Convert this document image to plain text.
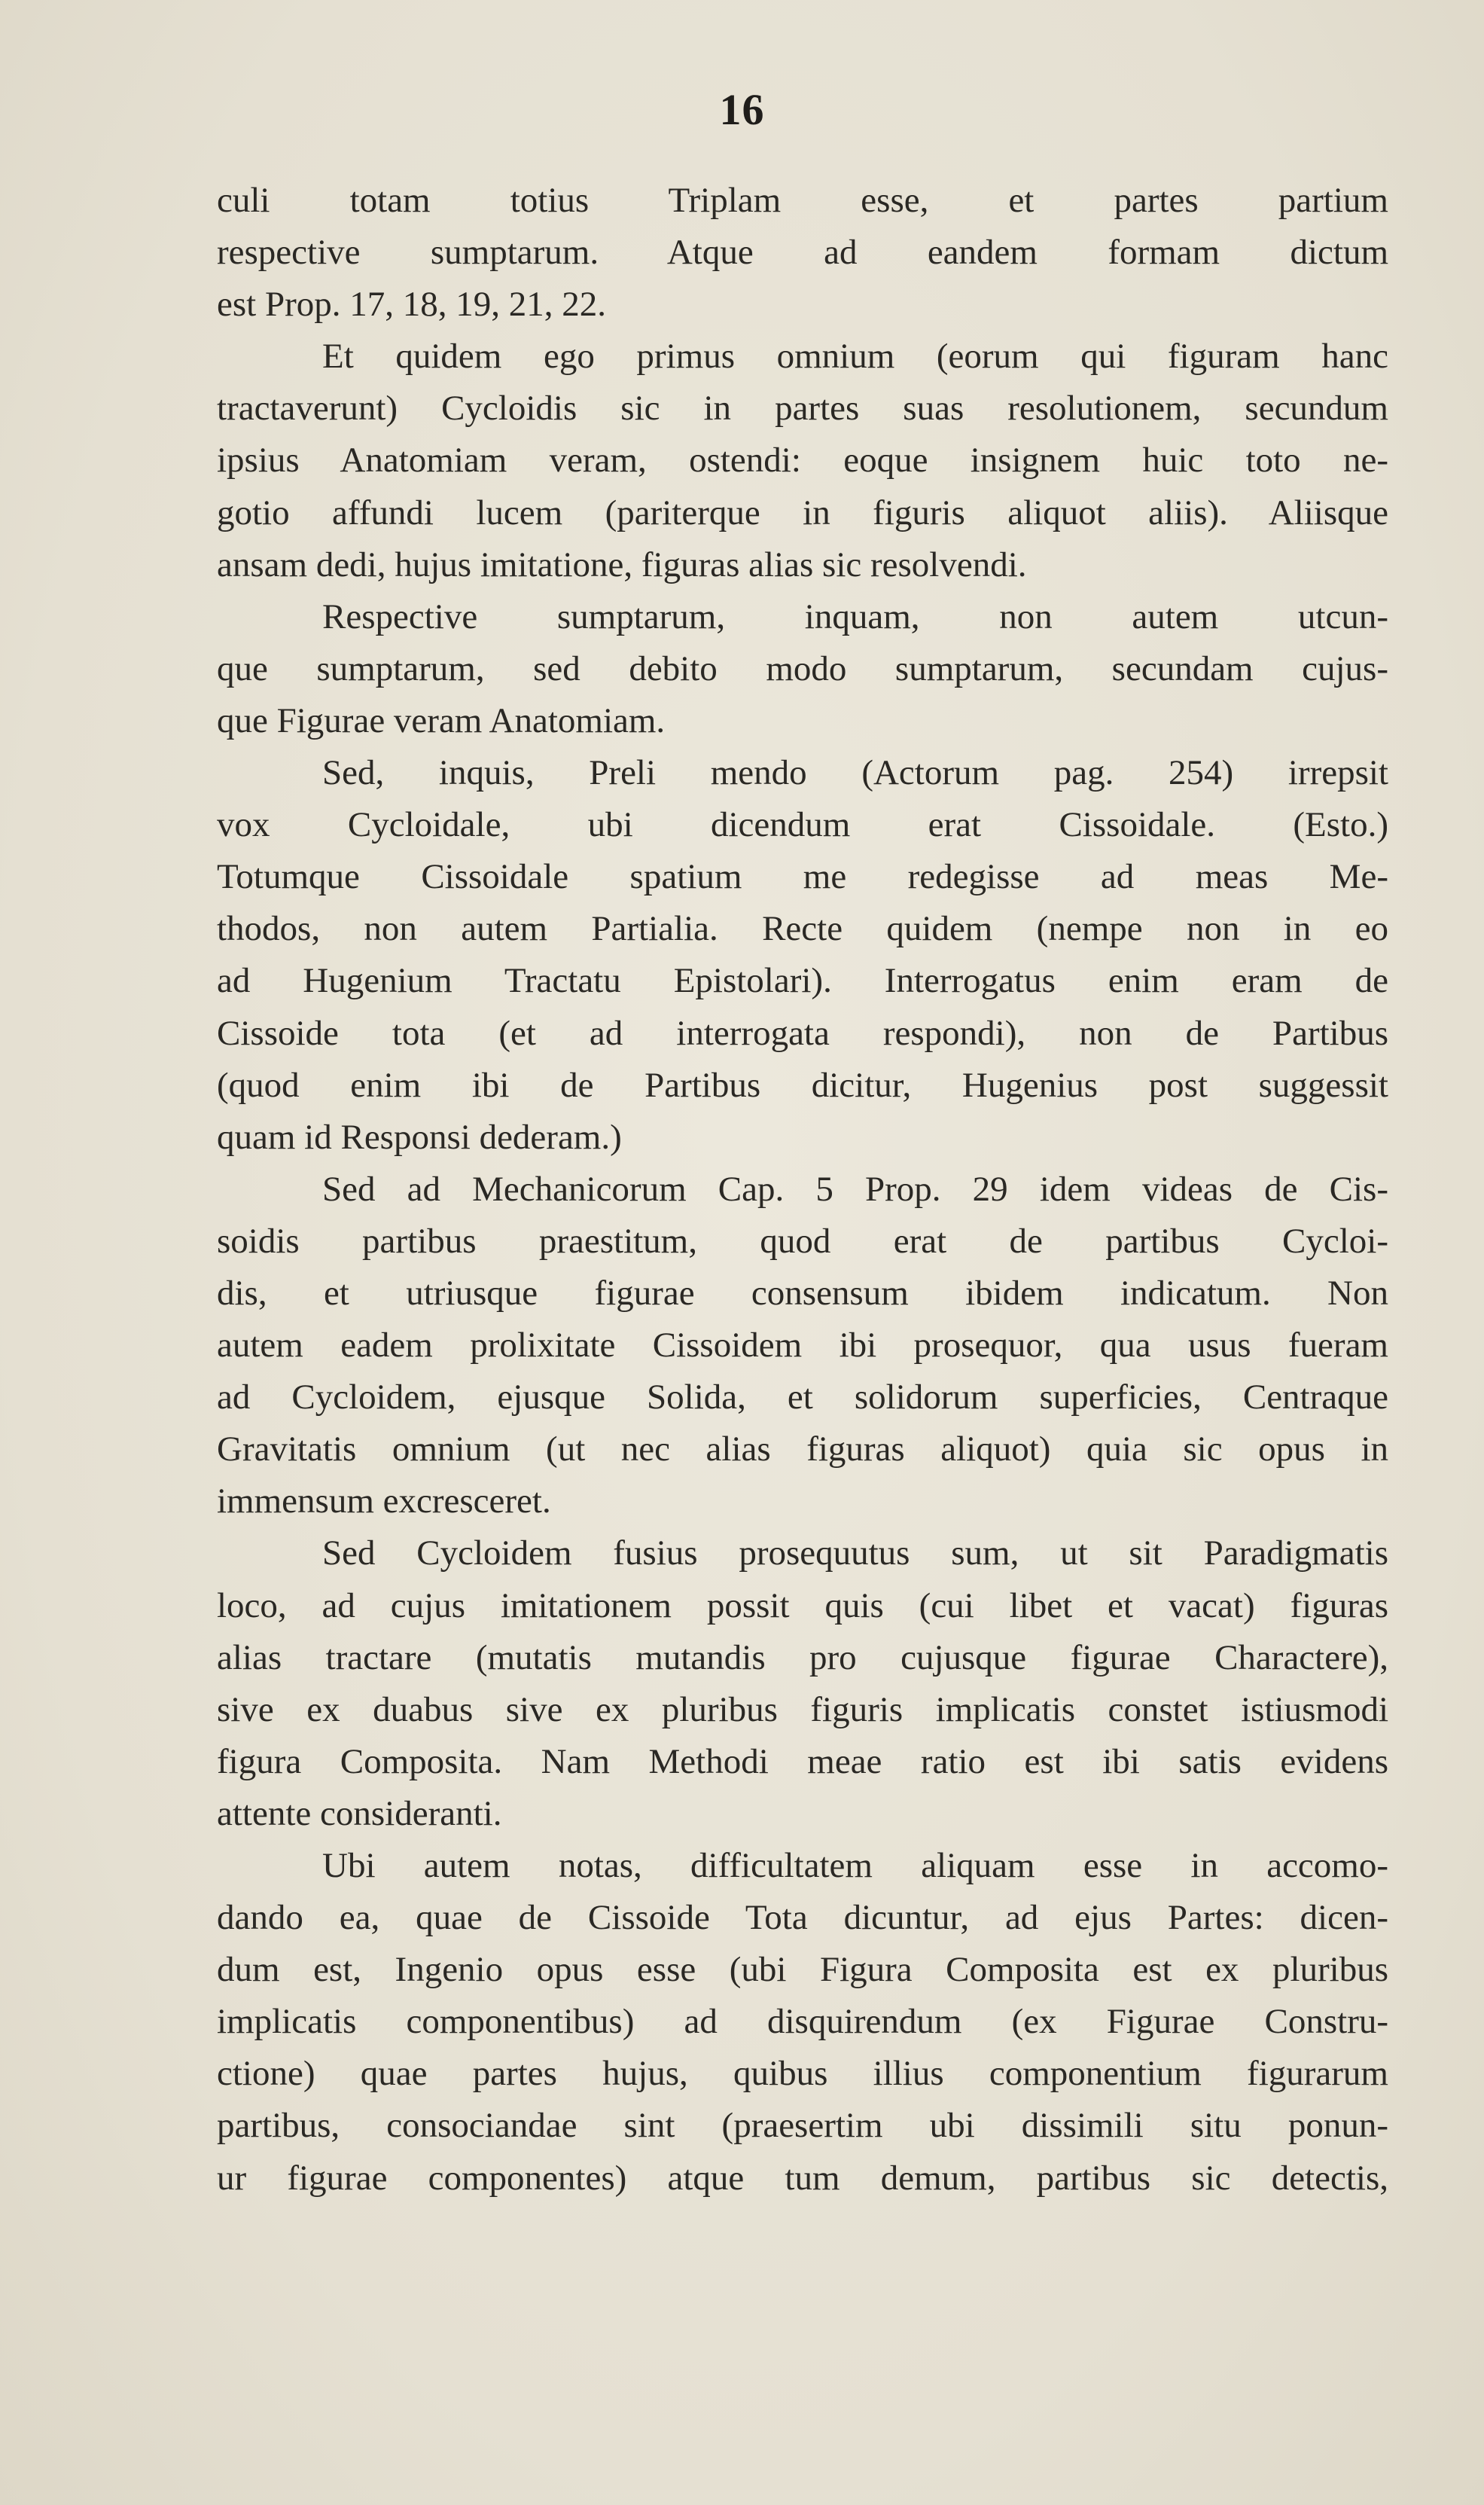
16
culi totam totius Triplam esse, et partes partium
respective sumptarum. Atque ad eandem formam dictum
est Prop. 17, 18, 19, 21, 22.
Et quidem ego primus omnium (eorum qui figuram hanc
tractaverunt) Cycloidis sic in partes suas resolutionem, secundum
ipsius Anatomiam veram, ostendi: eoque insignem huic toto ne-
gotio affundi lucem (pariterque in figuris aliquot aliis). Aliisque
ansam dedi, hujus imitatione, figuras alias sic resolvendi.
Respective sumptarum, inquam, non autem utcun-
que sumptarum, sed debito modo sumptarum, secundam cujus-
que Figurae veram Anatomiam.
Sed, inquis, Preli mendo (Actorum pag. 254) irrepsit
vox Cycloidale, ubi dicendum erat Cissoidale. (Esto.)
Totumque Cissoidale spatium me redegisse ad meas Me-
thodos, non autem Partialia. Recte quidem (nempe non in eo
ad Hugenium Tractatu Epistolari). Interrogatus enim eram de
Cissoide tota (et ad interrogata respondi), non de Partibus
(quod enim ibi de Partibus dicitur, Hugenius post suggessit
quam id Responsi dederam.)
Sed ad Mechanicorum Cap. 5 Prop. 29 idem videas de Cis-
soidis partibus praestitum, quod erat de partibus Cycloi-
dis, et utriusque figurae consensum ibidem indicatum. Non
autem eadem prolixitate Cissoidem ibi prosequor, qua usus fueram
ad Cycloidem, ejusque Solida, et solidorum superficies, Centraque
Gravitatis omnium (ut nec alias figuras aliquot) quia sic opus in
immensum excresceret.
Sed Cycloidem fusius prosequutus sum, ut sit Paradigmatis
loco, ad cujus imitationem possit quis (cui libet et vacat) figuras
alias tractare (mutatis mutandis pro cujusque figurae Charactere),
sive ex duabus sive ex pluribus figuris implicatis constet istiusmodi
figura Composita. Nam Methodi meae ratio est ibi satis evidens
attente consideranti.
Ubi autem notas, difficultatem aliquam esse in accomo-
dando ea, quae de Cissoide Tota dicuntur, ad ejus Partes: dicen-
dum est, Ingenio opus esse (ubi Figura Composita est ex pluribus
implicatis componentibus) ad disquirendum (ex Figurae Constru-
ctione) quae partes hujus, quibus illius componentium figurarum
partibus, consociandae sint (praesertim ubi dissimili situ ponun-
ur figurae componentes) atque tum demum, partibus sic detectis,
